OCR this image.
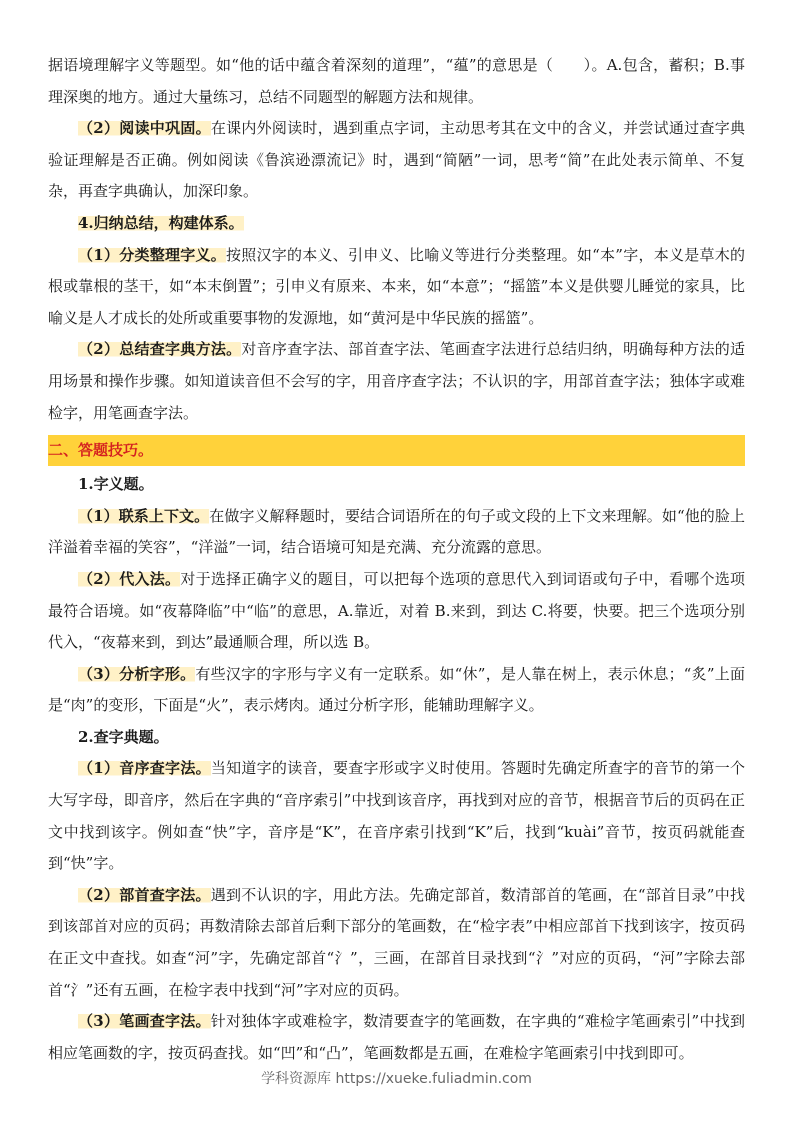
据语境理解字义等题型。如“他的话中蕴含着深刻的道理”，“蕴”的意思是（　　）。A.包含，蓄积；B.事理深奥的地方。通过大量练习，总结不同题型的解题方法和规律。

（2）阅读中巩固。在课内外阅读时，遇到重点字词，主动思考其在文中的含义，并尝试通过查字典验证理解是否正确。例如阅读《鲁滨逊漂流记》时，遇到“简陋”一词，思考“简”在此处表示简单、不复杂，再查字典确认，加深印象。

4.归纳总结，构建体系。

（1）分类整理字义。按照汉字的本义、引申义、比喻义等进行分类整理。如“本”字，本义是草木的根或靠根的茎干，如“本末倒置”；引申义有原来、本来，如“本意”；“摇篮”本义是供婴儿睡觉的家具，比喻义是人才成长的处所或重要事物的发源地，如“黄河是中华民族的摇篮”。

（2）总结查字典方法。对音序查字法、部首查字法、笔画查字法进行总结归纳，明确每种方法的适用场景和操作步骤。如知道读音但不会写的字，用音序查字法；不认识的字，用部首查字法；独体字或难检字，用笔画查字法。

二、答题技巧。

1.字义题。

（1）联系上下文。在做字义解释题时，要结合词语所在的句子或文段的上下文来理解。如“他的脸上洋溢着幸福的笑容”，“洋溢”一词，结合语境可知是充满、充分流露的意思。

（2）代入法。对于选择正确字义的题目，可以把每个选项的意思代入到词语或句子中，看哪个选项最符合语境。如“夜幕降临”中“临”的意思，A.靠近，对着 B.来到，到达 C.将要，快要。把三个选项分别代入，“夜幕来到，到达”最通顺合理，所以选 B。

（3）分析字形。有些汉字的字形与字义有一定联系。如“休”，是人靠在树上，表示休息；“炙”上面是“肉”的变形，下面是“火”，表示烤肉。通过分析字形，能辅助理解字义。

2.查字典题。

（1）音序查字法。当知道字的读音，要查字形或字义时使用。答题时先确定所查字的音节的第一个大写字母，即音序，然后在字典的“音序索引”中找到该音序，再找到对应的音节，根据音节后的页码在正文中找到该字。例如查“快”字，音序是“K”，在音序索引找到“K”后，找到“kuài”音节，按页码就能查到“快”字。

（2）部首查字法。遇到不认识的字，用此方法。先确定部首，数清部首的笔画，在“部首目录”中找到该部首对应的页码；再数清除去部首后剩下部分的笔画数，在“检字表”中相应部首下找到该字，按页码在正文中查找。如查“河”字，先确定部首“氵”，三画，在部首目录找到“氵”对应的页码，“河”字除去部首“氵”还有五画，在检字表中找到“河”字对应的页码。

（3）笔画查字法。针对独体字或难检字，数清要查字的笔画数，在字典的“难检字笔画索引”中找到相应笔画数的字，按页码查找。如“凹”和“凸”，笔画数都是五画，在难检字笔画索引中找到即可。

学科资源库 https://xueke.fuliadmin.com
